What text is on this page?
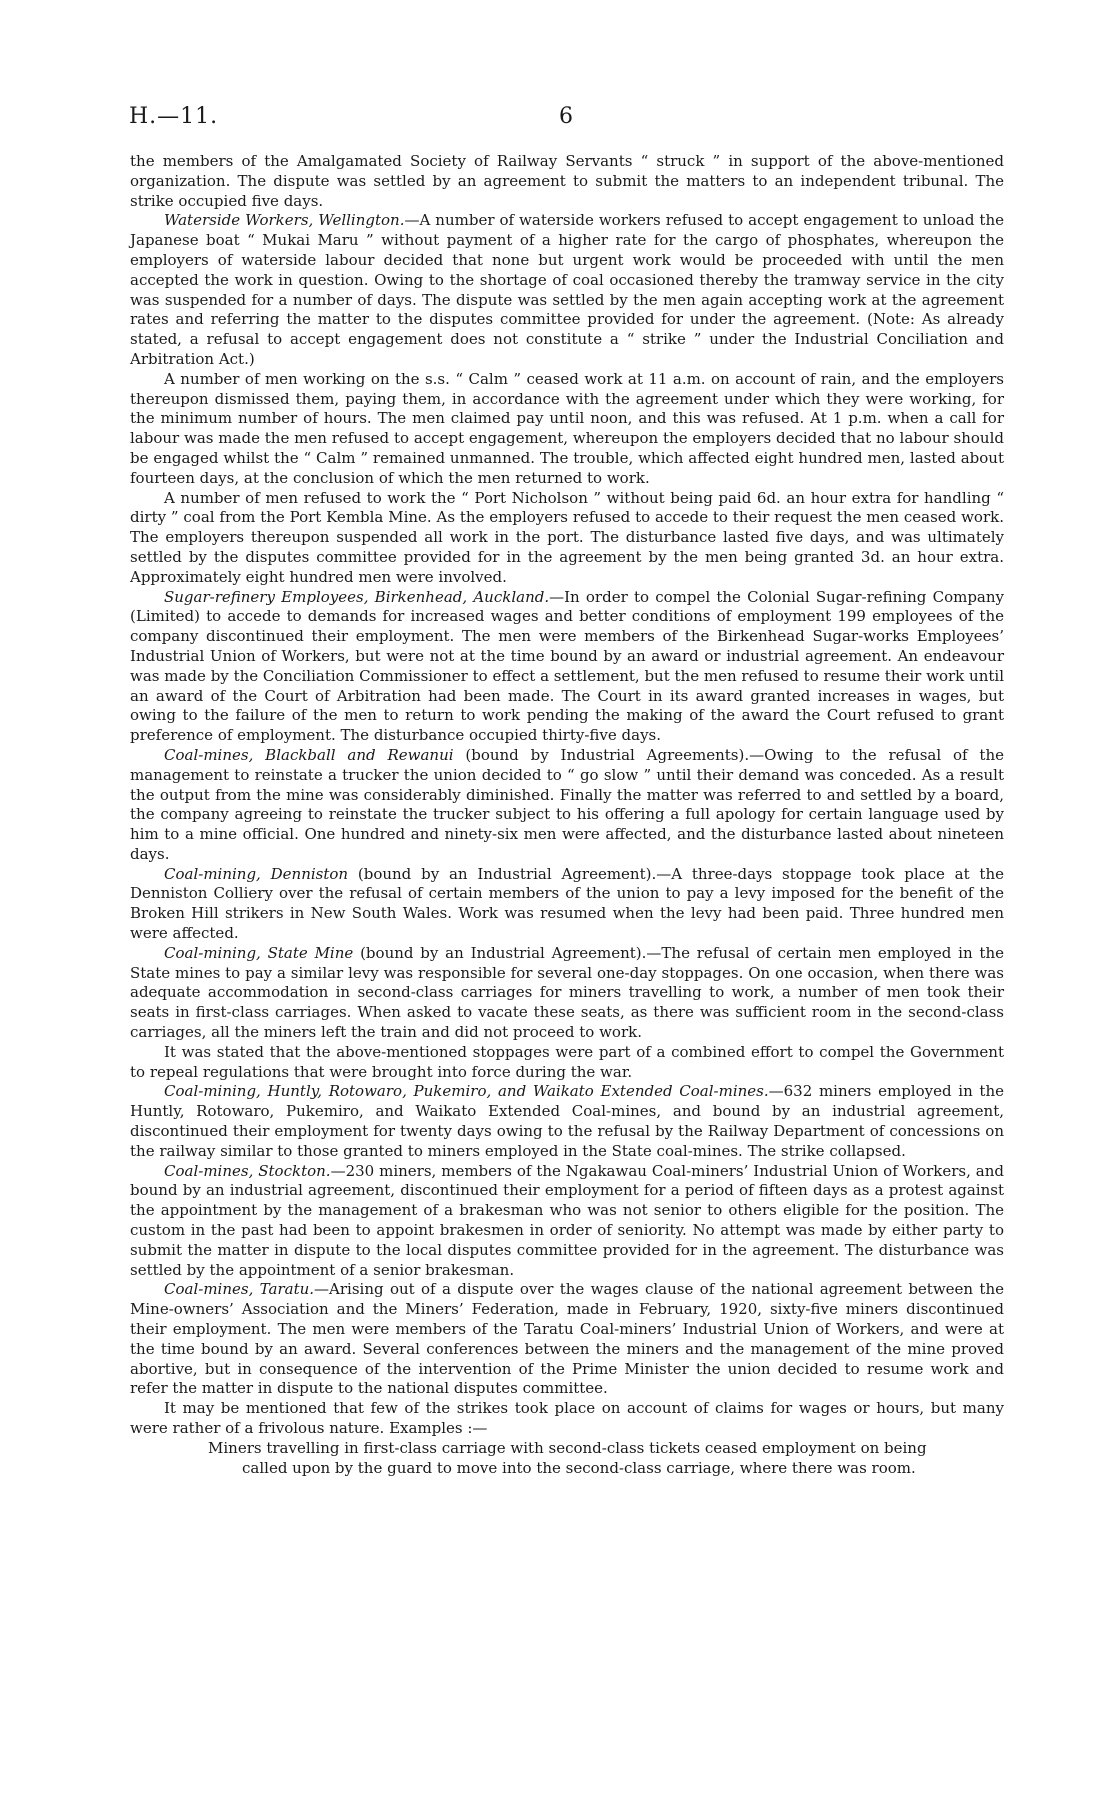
H.—11.	6

the members of the Amalgamated Society of Railway Servants “ struck ” in support of the above-mentioned organization. The dispute was settled by an agreement to submit the matters to an independent tribunal. The strike occupied five days.

Waterside Workers, Wellington.—A number of waterside workers refused to accept engagement to unload the Japanese boat “ Mukai Maru ” without payment of a higher rate for the cargo of phosphates, whereupon the employers of waterside labour decided that none but urgent work would be proceeded with until the men accepted the work in question. Owing to the shortage of coal occasioned thereby the tramway service in the city was suspended for a number of days. The dispute was settled by the men again accepting work at the agreement rates and referring the matter to the disputes committee provided for under the agreement. (Note: As already stated, a refusal to accept engagement does not constitute a “ strike ” under the Industrial Conciliation and Arbitration Act.)

A number of men working on the s.s. “ Calm ” ceased work at 11 a.m. on account of rain, and the employers thereupon dismissed them, paying them, in accordance with the agreement under which they were working, for the minimum number of hours. The men claimed pay until noon, and this was refused. At 1 p.m. when a call for labour was made the men refused to accept engagement, whereupon the employers decided that no labour should be engaged whilst the “ Calm ” remained unmanned. The trouble, which affected eight hundred men, lasted about fourteen days, at the conclusion of which the men returned to work.

A number of men refused to work the “ Port Nicholson ” without being paid 6d. an hour extra for handling “ dirty ” coal from the Port Kembla Mine. As the employers refused to accede to their request the men ceased work. The employers thereupon suspended all work in the port. The disturbance lasted five days, and was ultimately settled by the disputes committee provided for in the agreement by the men being granted 3d. an hour extra. Approximately eight hundred men were involved.

Sugar-refinery Employees, Birkenhead, Auckland.—In order to compel the Colonial Sugar-refining Company (Limited) to accede to demands for increased wages and better conditions of employment 199 employees of the company discontinued their employment. The men were members of the Birkenhead Sugar-works Employees’ Industrial Union of Workers, but were not at the time bound by an award or industrial agreement. An endeavour was made by the Conciliation Commissioner to effect a settlement, but the men refused to resume their work until an award of the Court of Arbitration had been made. The Court in its award granted increases in wages, but owing to the failure of the men to return to work pending the making of the award the Court refused to grant preference of employment. The disturbance occupied thirty-five days.

Coal-mines, Blackball and Rewanui (bound by Industrial Agreements).—Owing to the refusal of the management to reinstate a trucker the union decided to “ go slow ” until their demand was conceded. As a result the output from the mine was considerably diminished. Finally the matter was referred to and settled by a board, the company agreeing to reinstate the trucker subject to his offering a full apology for certain language used by him to a mine official. One hundred and ninety-six men were affected, and the disturbance lasted about nineteen days.

Coal-mining, Denniston (bound by an Industrial Agreement).—A three-days stoppage took place at the Denniston Colliery over the refusal of certain members of the union to pay a levy imposed for the benefit of the Broken Hill strikers in New South Wales. Work was resumed when the levy had been paid. Three hundred men were affected.

Coal-mining, State Mine (bound by an Industrial Agreement).—The refusal of certain men employed in the State mines to pay a similar levy was responsible for several one-day stoppages. On one occasion, when there was adequate accommodation in second-class carriages for miners travelling to work, a number of men took their seats in first-class carriages. When asked to vacate these seats, as there was sufficient room in the second-class carriages, all the miners left the train and did not proceed to work.

It was stated that the above-mentioned stoppages were part of a combined effort to compel the Government to repeal regulations that were brought into force during the war.

Coal-mining, Huntly, Rotowaro, Pukemiro, and Waikato Extended Coal-mines.—632 miners employed in the Huntly, Rotowaro, Pukemiro, and Waikato Extended Coal-mines, and bound by an industrial agreement, discontinued their employment for twenty days owing to the refusal by the Railway Department of concessions on the railway similar to those granted to miners employed in the State coal-mines. The strike collapsed.

Coal-mines, Stockton.—230 miners, members of the Ngakawau Coal-miners’ Industrial Union of Workers, and bound by an industrial agreement, discontinued their employment for a period of fifteen days as a protest against the appointment by the management of a brakesman who was not senior to others eligible for the position. The custom in the past had been to appoint brakesmen in order of seniority. No attempt was made by either party to submit the matter in dispute to the local disputes committee provided for in the agreement. The disturbance was settled by the appointment of a senior brakesman.

Coal-mines, Taratu.—Arising out of a dispute over the wages clause of the national agreement between the Mine-owners’ Association and the Miners’ Federation, made in February, 1920, sixty-five miners discontinued their employment. The men were members of the Taratu Coal-miners’ Industrial Union of Workers, and were at the time bound by an award. Several conferences between the miners and the management of the mine proved abortive, but in consequence of the intervention of the Prime Minister the union decided to resume work and refer the matter in dispute to the national disputes committee.

It may be mentioned that few of the strikes took place on account of claims for wages or hours, but many were rather of a frivolous nature. Examples :—

Miners travelling in first-class carriage with second-class tickets ceased employment on being

called upon by the guard to move into the second-class carriage, where there was room.
